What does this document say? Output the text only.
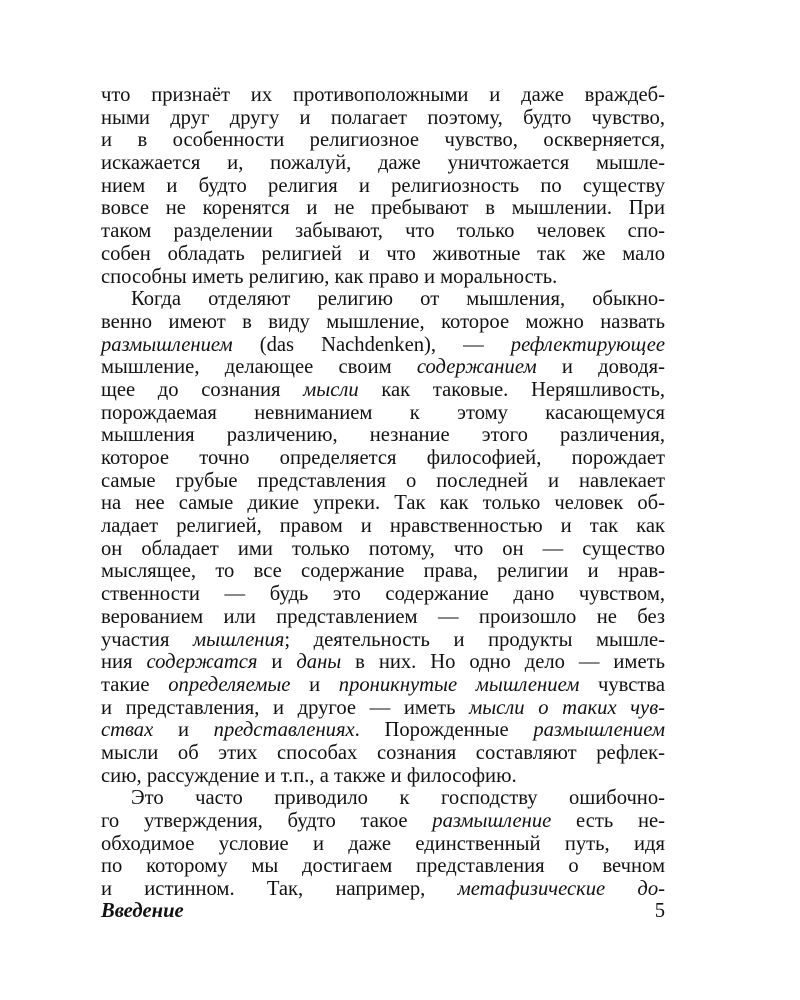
что признаёт их противоположными и даже враждеб-
ными друг другу и полагает поэтому, будто чувство,
и в особенности религиозное чувство, оскверняется,
искажается и, пожалуй, даже уничтожается мышле-
нием и будто религия и религиозность по существу
вовсе не коренятся и не пребывают в мышлении. При
таком разделении забывают, что только человек спо-
собен обладать религией и что животные так же мало
способны иметь религию, как право и моральность.
Когда отделяют религию от мышления, обыкно-
венно имеют в виду мышление, которое можно назвать
размышлением (das Nachdenken), — рефлектирующее
мышление, делающее своим содержанием и доводя-
щее до сознания мысли как таковые. Неряшливость,
порождаемая невниманием к этому касающемуся
мышления различению, незнание этого различения,
которое точно определяется философией, порождает
самые грубые представления о последней и навлекает
на нее самые дикие упреки. Так как только человек об-
ладает религией, правом и нравственностью и так как
он обладает ими только потому, что он — существо
мыслящее, то все содержание права, религии и нрав-
ственности — будь это содержание дано чувством,
верованием или представлением — произошло не без
участия мышления; деятельность и продукты мышле-
ния содержатся и даны в них. Но одно дело — иметь
такие определяемые и проникнутые мышлением чувства
и представления, и другое — иметь мысли о таких чув-
ствах и представлениях. Порожденные размышлением
мысли об этих способах сознания составляют рефлек-
сию, рассуждение и т.п., а также и философию.
Это часто приводило к господству ошибочно-
го утверждения, будто такое размышление есть не-
обходимое условие и даже единственный путь, идя
по которому мы достигаем представления о вечном
и истинном. Так, например, метафизические до-
Введение	5
